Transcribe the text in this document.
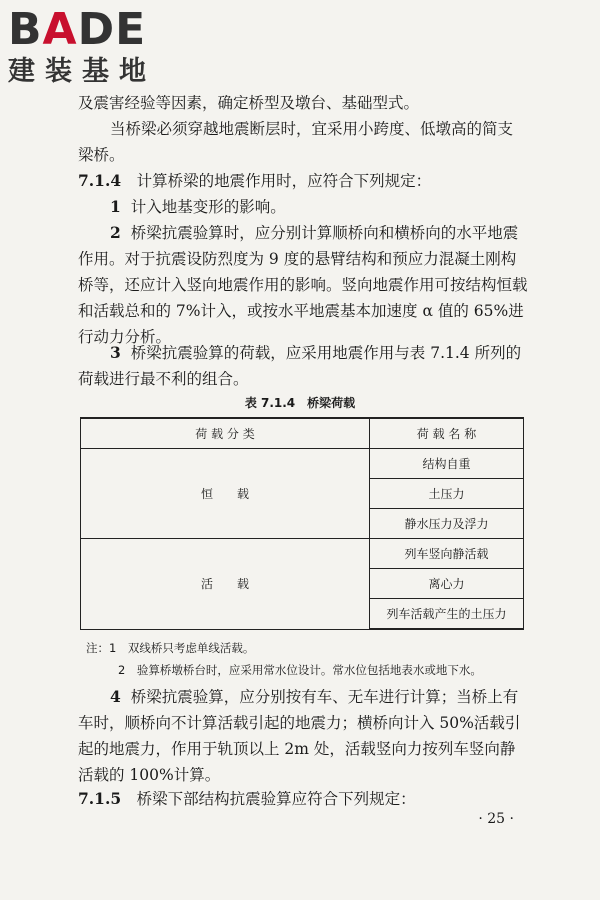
BADE
建装基地

及震害经验等因素，确定桥型及墩台、基础型式。

当桥梁必须穿越地震断层时，宜采用小跨度、低墩高的简支梁桥。

7.1.4　 计算桥梁的地震作用时，应符合下列规定：

1 计入地基变形的影响。

2 桥梁抗震验算时，应分别计算顺桥向和横桥向的水平地震作用。对于抗震设防烈度为 9 度的悬臂结构和预应力混凝土刚构桥等，还应计入竖向地震作用的影响。竖向地震作用可按结构恒载和活载总和的 7%计入，或按水平地震基本加速度 α 值的 65%进行动力分析。

3 桥梁抗震验算的荷载，应采用地震作用与表 7.1.4 所列的荷载进行最不利的组合。

表 7.1.4　桥梁荷载
荷 载 分 类	荷 载 名 称
恒　　载	结构自重
	土压力
	静水压力及浮力
活　　载	列车竖向静活载
	离心力
	列车活载产生的土压力
注：1　双线桥只考虑单线活载。
2　验算桥墩桥台时，应采用常水位设计。常水位包括地表水或地下水。

4 桥梁抗震验算，应分别按有车、无车进行计算；当桥上有车时，顺桥向不计算活载引起的地震力；横桥向计入 50%活载引起的地震力，作用于轨顶以上 2m 处，活载竖向力按列车竖向静活载的 100%计算。

7.1.5　 桥梁下部结构抗震验算应符合下列规定：

· 25 ·
